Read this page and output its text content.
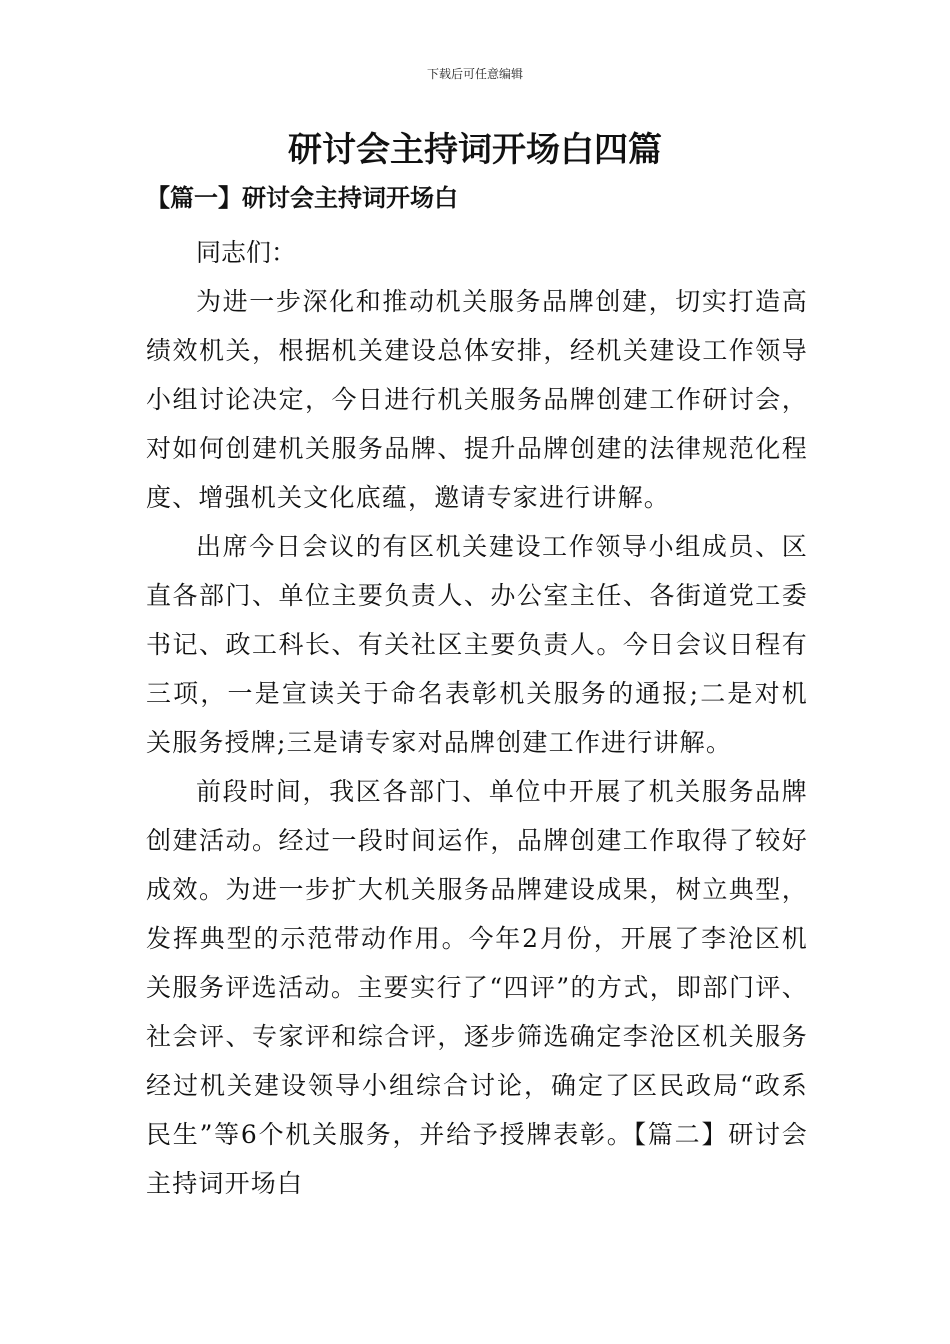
下载后可任意编辑
研讨会主持词开场白四篇
【篇一】研讨会主持词开场白

同志们：

为进一步深化和推动机关服务品牌创建，切实打造高绩效机关，根据机关建设总体安排，经机关建设工作领导小组讨论决定，今日进行机关服务品牌创建工作研讨会，对如何创建机关服务品牌、提升品牌创建的法律规范化程度、增强机关文化底蕴，邀请专家进行讲解。

出席今日会议的有区机关建设工作领导小组成员、区直各部门、单位主要负责人、办公室主任、各街道党工委书记、政工科长、有关社区主要负责人。今日会议日程有三项，一是宣读关于命名表彰机关服务的通报;二是对机关服务授牌;三是请专家对品牌创建工作进行讲解。

前段时间，我区各部门、单位中开展了机关服务品牌创建活动。经过一段时间运作，品牌创建工作取得了较好成效。为进一步扩大机关服务品牌建设成果，树立典型，发挥典型的示范带动作用。今年2月份，开展了李沧区机关服务评选活动。主要实行了“四评”的方式，即部门评、社会评、专家评和综合评，逐步筛选确定李沧区机关服务经过机关建设领导小组综合讨论，确定了区民政局“政系民生”等6个机关服务，并给予授牌表彰。【篇二】研讨会主持词开场白
